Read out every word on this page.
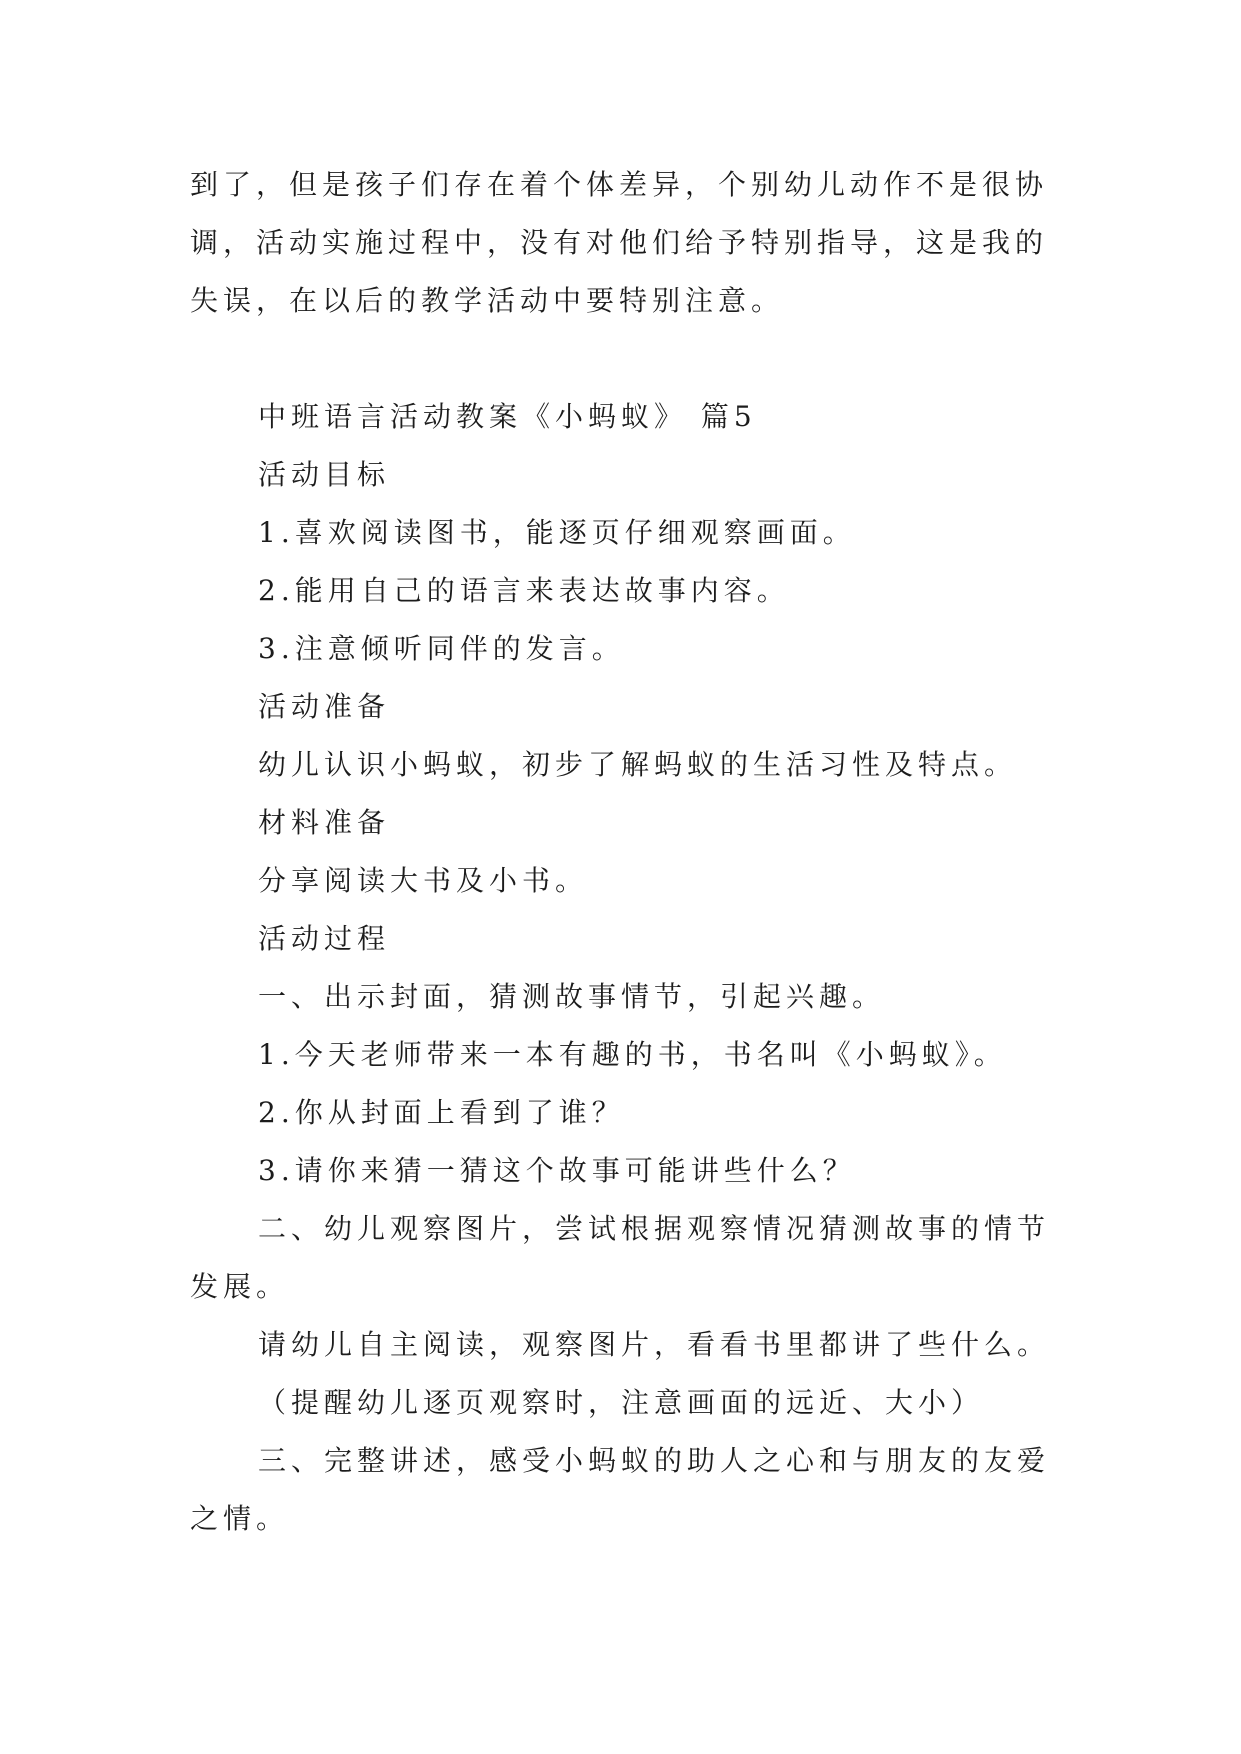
到了，但是孩子们存在着个体差异，个别幼儿动作不是很协
调，活动实施过程中，没有对他们给予特别指导，这是我的
失误，在以后的教学活动中要特别注意。
中班语言活动教案《小蚂蚁》 篇5
活动目标
1.喜欢阅读图书，能逐页仔细观察画面。
2.能用自己的语言来表达故事内容。
3.注意倾听同伴的发言。
活动准备
幼儿认识小蚂蚁，初步了解蚂蚁的生活习性及特点。
材料准备
分享阅读大书及小书。
活动过程
一、出示封面，猜测故事情节，引起兴趣。
1.今天老师带来一本有趣的书，书名叫《小蚂蚁》。
2.你从封面上看到了谁？
3.请你来猜一猜这个故事可能讲些什么？
二、幼儿观察图片，尝试根据观察情况猜测故事的情节
发展。
请幼儿自主阅读，观察图片，看看书里都讲了些什么。
（提醒幼儿逐页观察时，注意画面的远近、大小）
三、完整讲述，感受小蚂蚁的助人之心和与朋友的友爱
之情。
